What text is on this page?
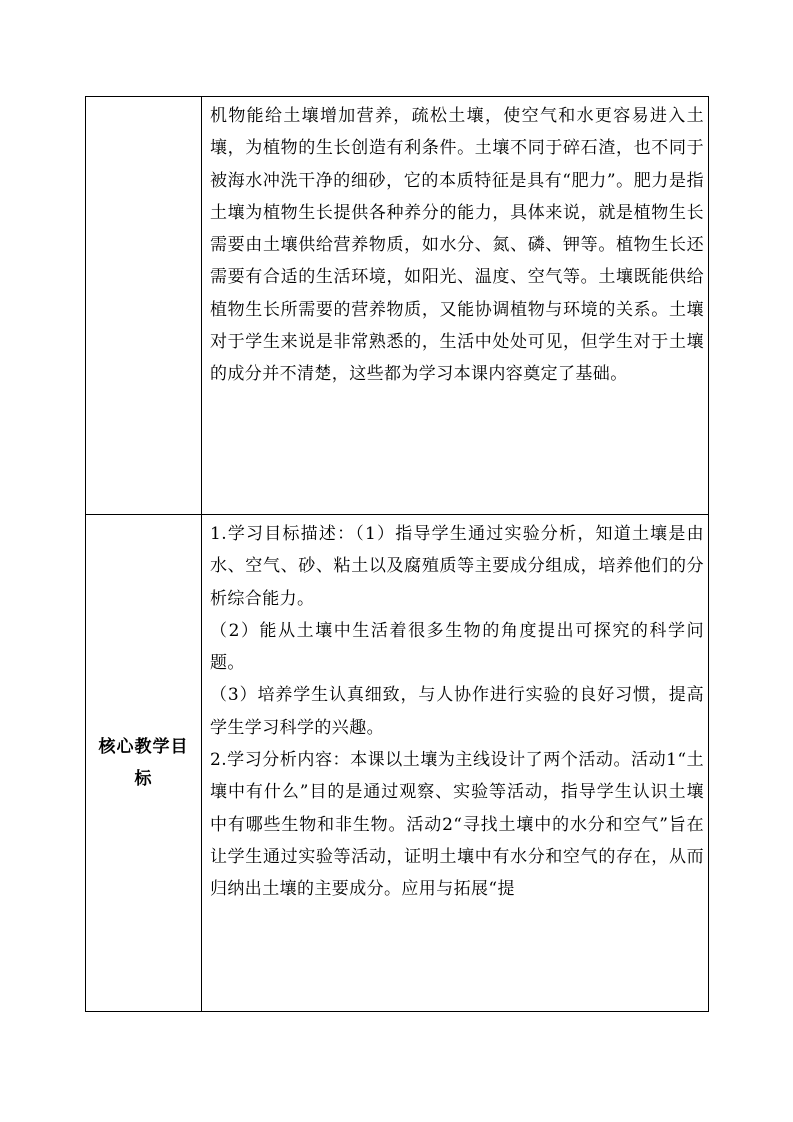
	机物能给土壤增加营养，疏松土壤，使空气和水更容易进入土壤，为植物的生长创造有利条件。土壤不同于碎石渣，也不同于被海水冲洗干净的细砂，它的本质特征是具有“肥力”。肥力是指土壤为植物生长提供各种养分的能力，具体来说，就是植物生长需要由土壤供给营养物质，如水分、氮、磷、钾等。植物生长还需要有合适的生活环境，如阳光、温度、空气等。土壤既能供给植物生长所需要的营养物质，又能协调植物与环境的关系。土壤对于学生来说是非常熟悉的，生活中处处可见，但学生对于土壤的成分并不清楚，这些都为学习本课内容奠定了基础。

核心教学目标	1.学习目标描述：（1）指导学生通过实验分析，知道土壤是由水、空气、砂、粘土以及腐殖质等主要成分组成，培养他们的分析综合能力。

（2）能从土壤中生活着很多生物的角度提出可探究的科学问题。

（3）培养学生认真细致，与人协作进行实验的良好习惯，提高学生学习科学的兴趣。

2.学习分析内容：本课以土壤为主线设计了两个活动。活动1“土壤中有什么”目的是通过观察、实验等活动，指导学生认识土壤中有哪些生物和非生物。活动2“寻找土壤中的水分和空气”旨在让学生通过实验等活动，证明土壤中有水分和空气的存在，从而归纳出土壤的主要成分。应用与拓展“提
